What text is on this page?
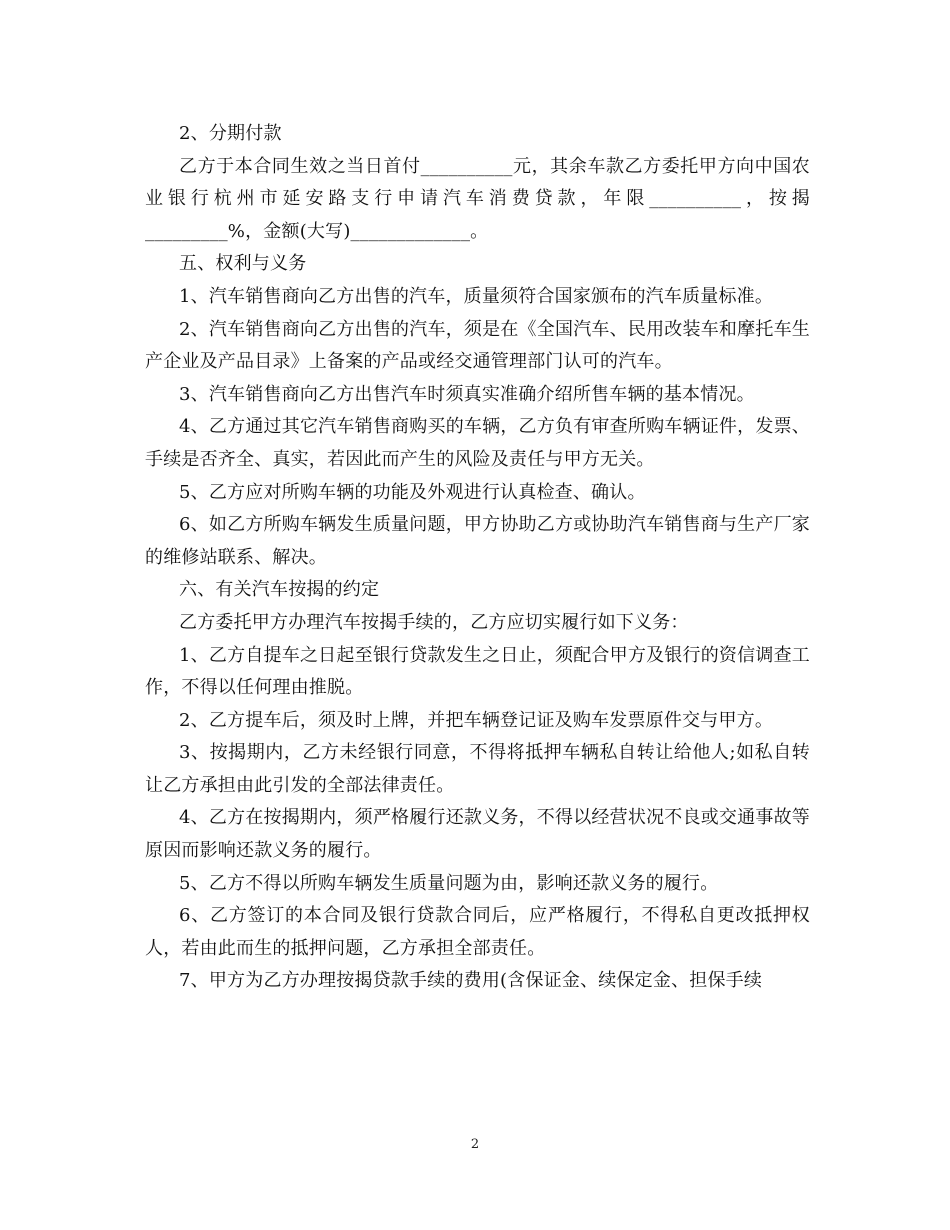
2、分期付款

乙方于本合同生效之当日首付__________元，其余车款乙方委托甲方向中国农业银行杭州市延安路支行申请汽车消费贷款，年限__________，按揭_________%，金额(大写)_____________。

五、权利与义务

1、汽车销售商向乙方出售的汽车，质量须符合国家颁布的汽车质量标准。

2、汽车销售商向乙方出售的汽车，须是在《全国汽车、民用改装车和摩托车生产企业及产品目录》上备案的产品或经交通管理部门认可的汽车。

3、汽车销售商向乙方出售汽车时须真实准确介绍所售车辆的基本情况。

4、乙方通过其它汽车销售商购买的车辆，乙方负有审查所购车辆证件，发票、手续是否齐全、真实，若因此而产生的风险及责任与甲方无关。

5、乙方应对所购车辆的功能及外观进行认真检查、确认。

6、如乙方所购车辆发生质量问题，甲方协助乙方或协助汽车销售商与生产厂家的维修站联系、解决。

六、有关汽车按揭的约定

乙方委托甲方办理汽车按揭手续的，乙方应切实履行如下义务：

1、乙方自提车之日起至银行贷款发生之日止，须配合甲方及银行的资信调查工作，不得以任何理由推脱。

2、乙方提车后，须及时上牌，并把车辆登记证及购车发票原件交与甲方。

3、按揭期内，乙方未经银行同意，不得将抵押车辆私自转让给他人;如私自转让乙方承担由此引发的全部法律责任。

4、乙方在按揭期内，须严格履行还款义务，不得以经营状况不良或交通事故等原因而影响还款义务的履行。

5、乙方不得以所购车辆发生质量问题为由，影响还款义务的履行。

6、乙方签订的本合同及银行贷款合同后，应严格履行，不得私自更改抵押权人，若由此而生的抵押问题，乙方承担全部责任。

7、甲方为乙方办理按揭贷款手续的费用(含保证金、续保定金、担保手续

2
